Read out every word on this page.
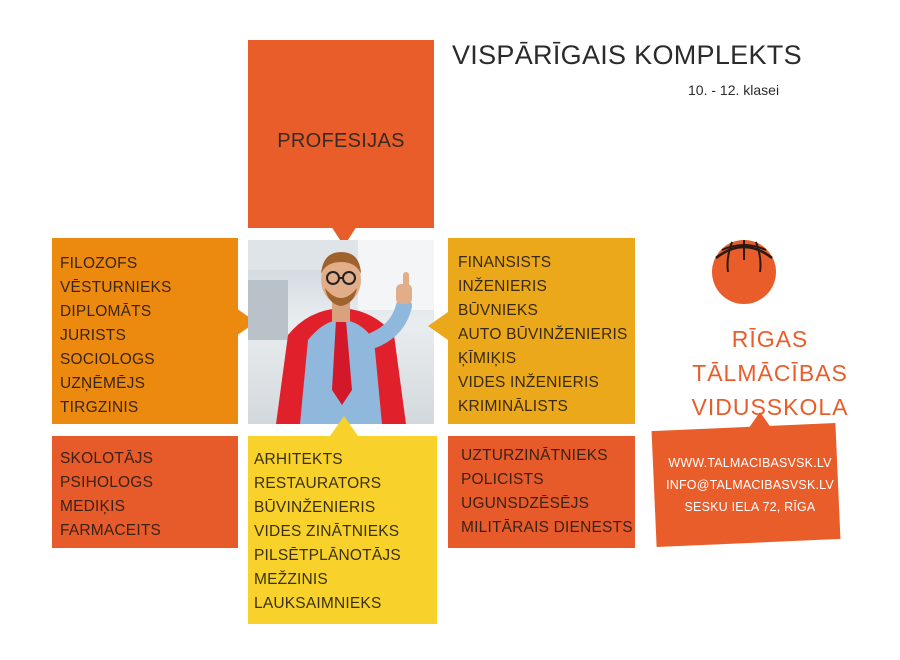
VISPĀRĪGAIS KOMPLEKTS
10. - 12. klasei
PROFESIJAS
FILOZOFS
VĒSTURNIEKS
DIPLOMĀTS
JURISTS
SOCIOLOGS
UZŅĒMĒJS
TIRGZINIS
FINANSISTS
INŽENIERIS
BŪVNIEKS
AUTO BŪVINŽENIERIS
ĶĪMIĶIS
VIDES INŽENIERIS
KRIMINĀLISTS
SKOLOTĀJS
PSIHOLOGS
MEDIĶIS
FARMACEITS
ARHITEKTS
RESTAURATORS
BŪVINŽENIERIS
VIDES ZINĀTNIEKS
PILSĒTPLĀNOTĀJS
MEŽZINIS
LAUKSAIMNIEKS
UZTURZINĀTNIEKS
POLICISTS
UGUNSDZĒSĒJS
MILITĀRAIS DIENESTS
RĪGAS
TĀLMĀCĪBAS
VIDUSSKOLA
WWW.TALMACIBASVSK.LV
INFO@TALMACIBASVSK.LV
SESKU IELA 72, RĪGA
